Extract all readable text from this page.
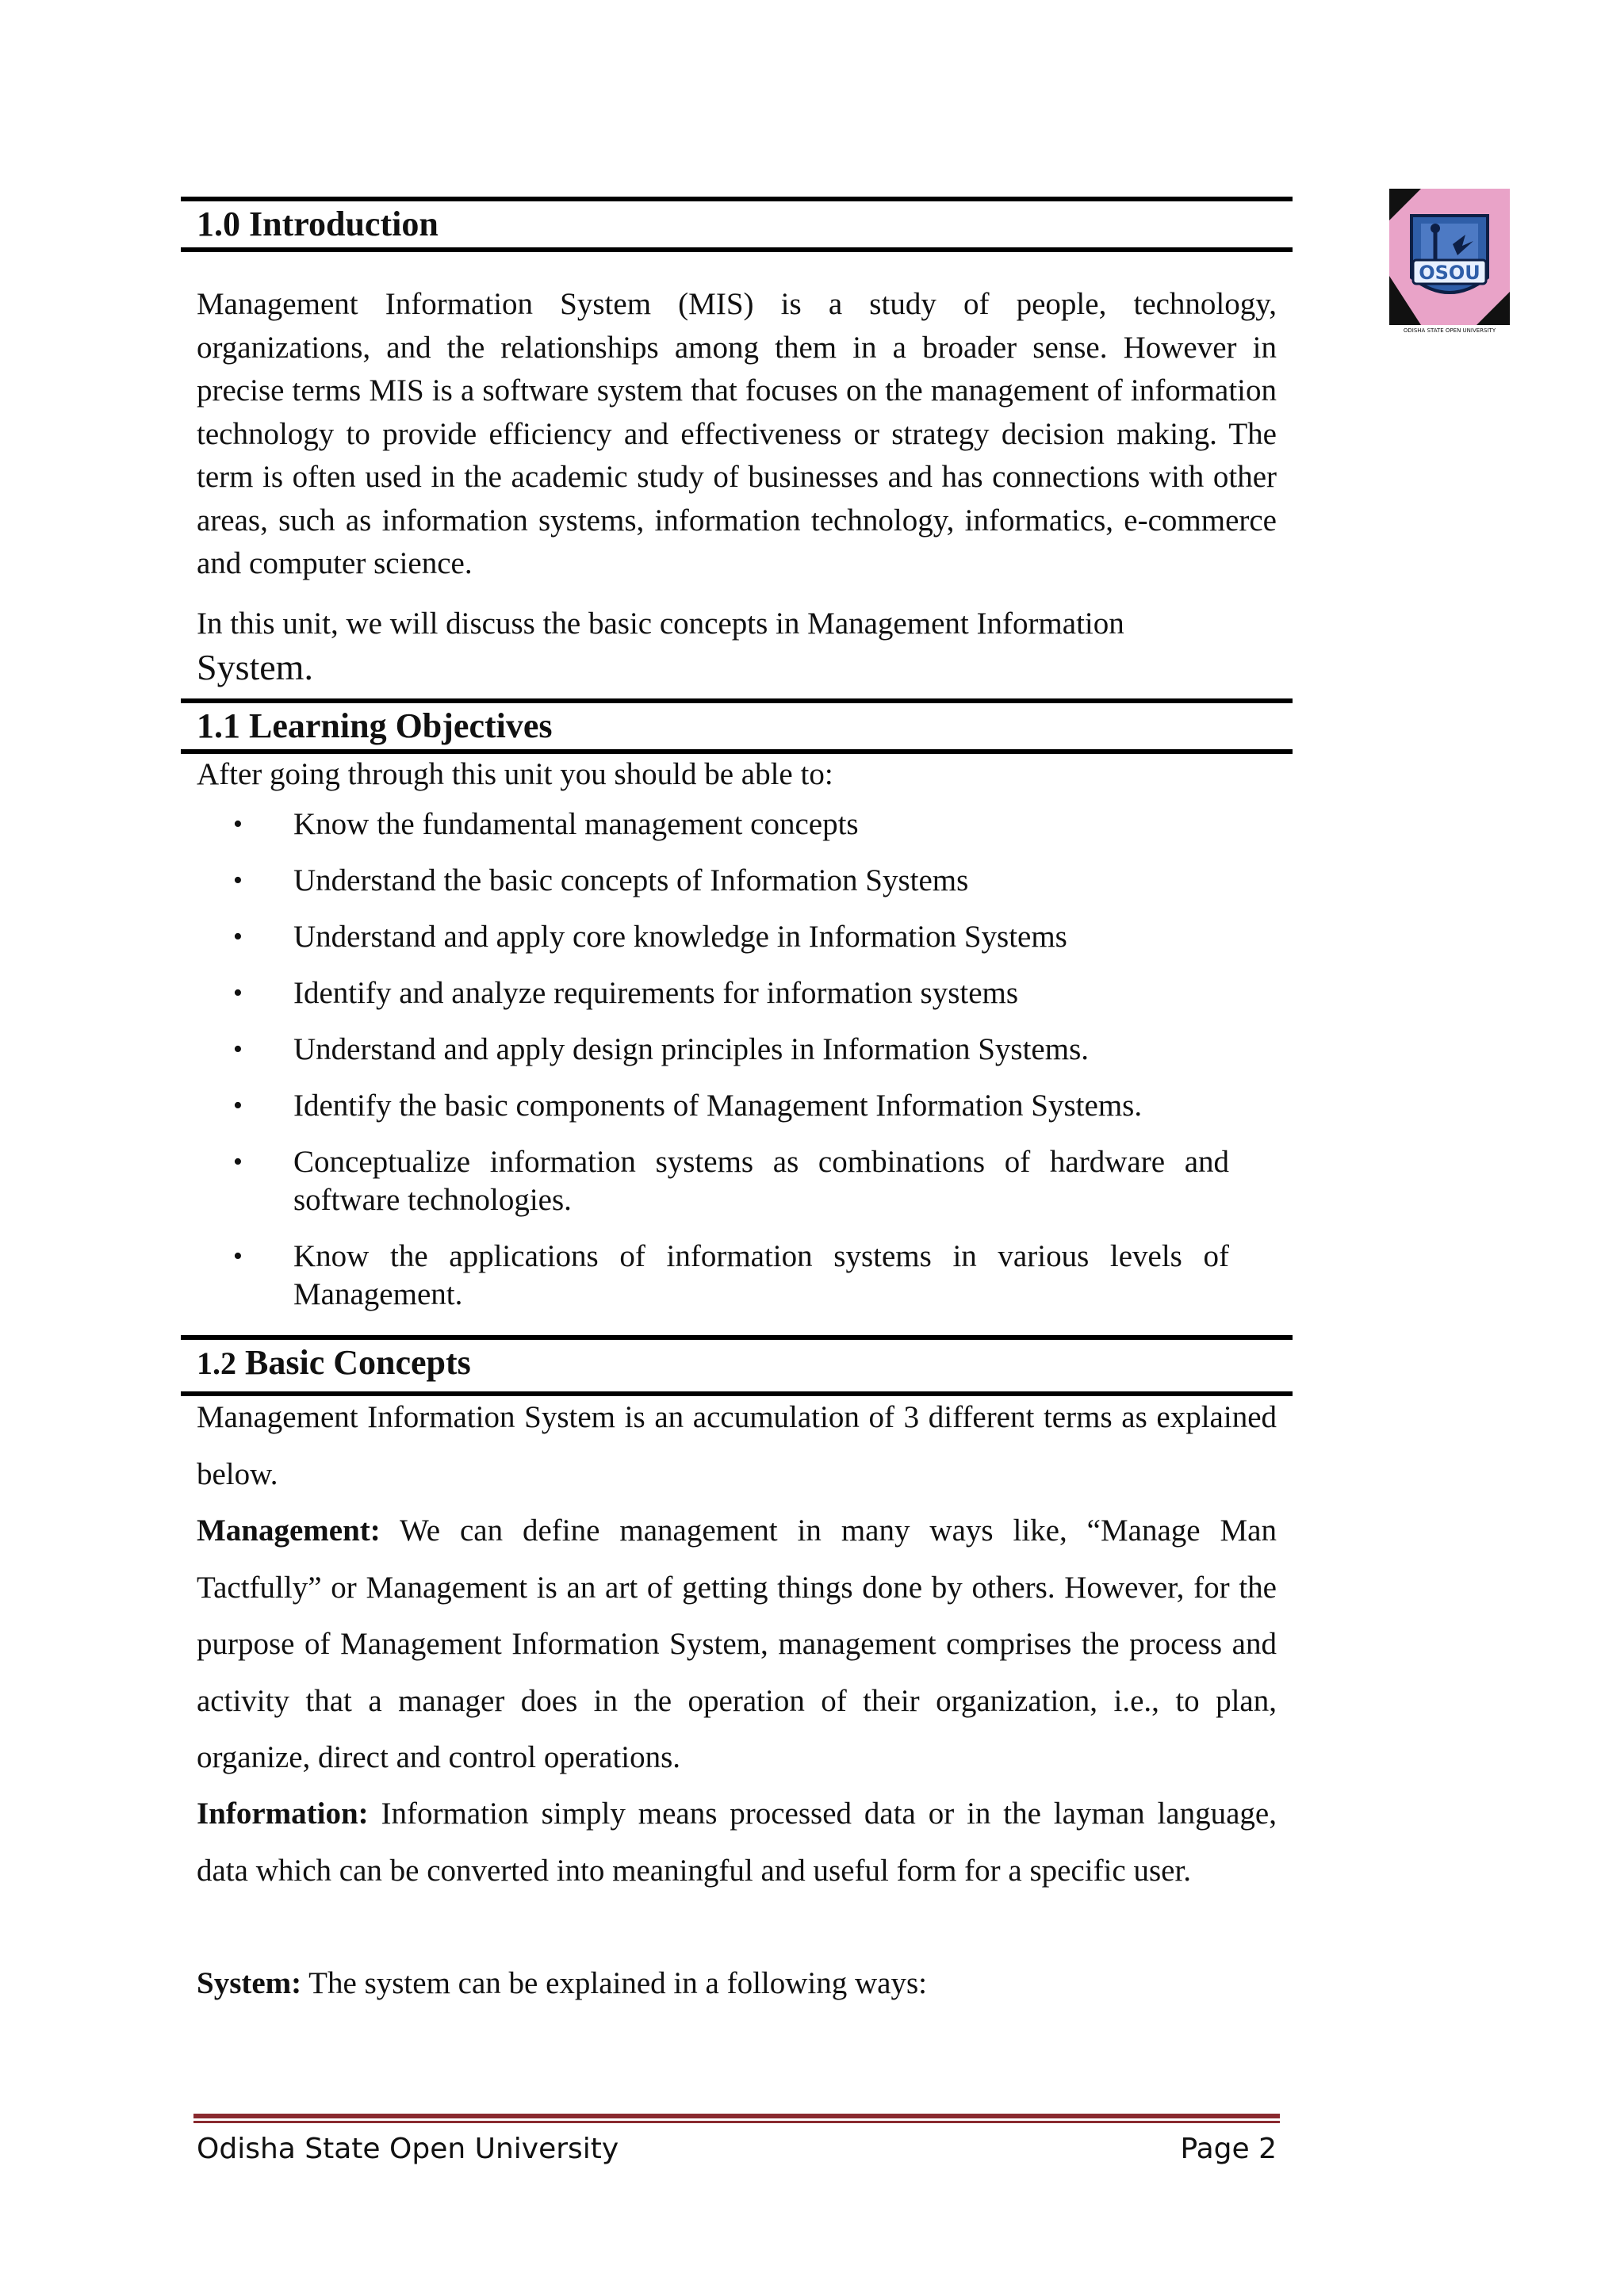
OSOU
ODISHA STATE OPEN UNIVERSITY
1.0 Introduction
Management Information System (MIS) is a study of people, technology, organizations, and the relationships among them in a broader sense. However in precise terms MIS is a software system that focuses on the management of information technology to provide efficiency and effectiveness or strategy decision making. The term is often used in the academic study of businesses and has connections with other areas, such as information systems, information technology, informatics, e-commerce and computer science.
In this unit, we will discuss the basic concepts in Management Information
System.
1.1 Learning Objectives
After going through this unit you should be able to:
• Know the fundamental management concepts
• Understand the basic concepts of Information Systems
• Understand and apply core knowledge in Information Systems
• Identify and analyze requirements for information systems
• Understand and apply design principles in Information Systems.
• Identify the basic components of Management Information Systems.
• Conceptualize information systems as combinations of hardware and software technologies.
• Know the applications of information systems in various levels of Management.
1.2 Basic Concepts
Management Information System is an accumulation of 3 different terms as explained below.
Management: We can define management in many ways like, “Manage Man Tactfully” or Management is an art of getting things done by others. However, for the purpose of Management Information System, management comprises the process and activity that a manager does in the operation of their organization, i.e., to plan, organize, direct and control operations.
Information: Information simply means processed data or in the layman language, data which can be converted into meaningful and useful form for a specific user.
System: The system can be explained in a following ways:
Odisha State Open University	Page 2
